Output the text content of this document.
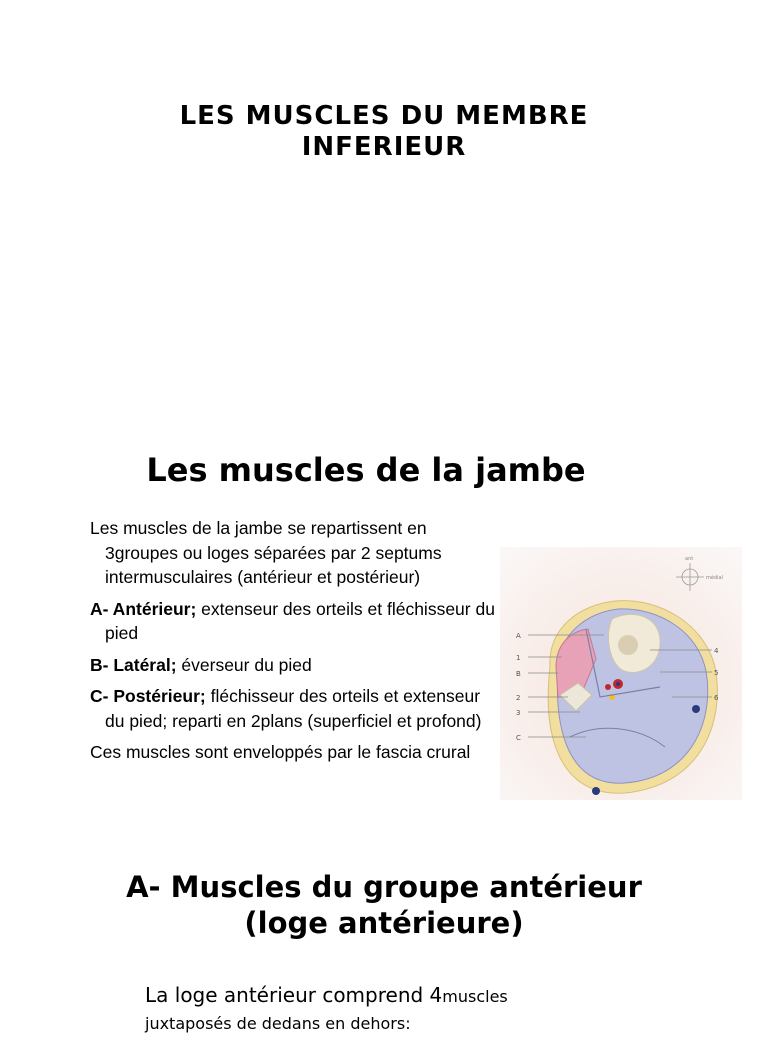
LES MUSCLES DU MEMBRE
INFERIEUR
Les muscles de la jambe

Les muscles de la jambe se repartissent en 3groupes ou loges séparées par 2 septums intermusculaires (antérieur et postérieur)

A- Antérieur; extenseur des orteils et fléchisseur du pied

B- Latéral; éverseur du pied

C- Postérieur; fléchisseur des orteils et extenseur du pied; reparti en 2plans (superficiel et profond)

Ces muscles sont enveloppés par le fascia crural

A
1
B
2
3
C
4
5
6
ant
médial
A- Muscles du groupe antérieur
(loge antérieure)
La loge antérieur comprend 4muscles
juxtaposés de dedans en dehors:
